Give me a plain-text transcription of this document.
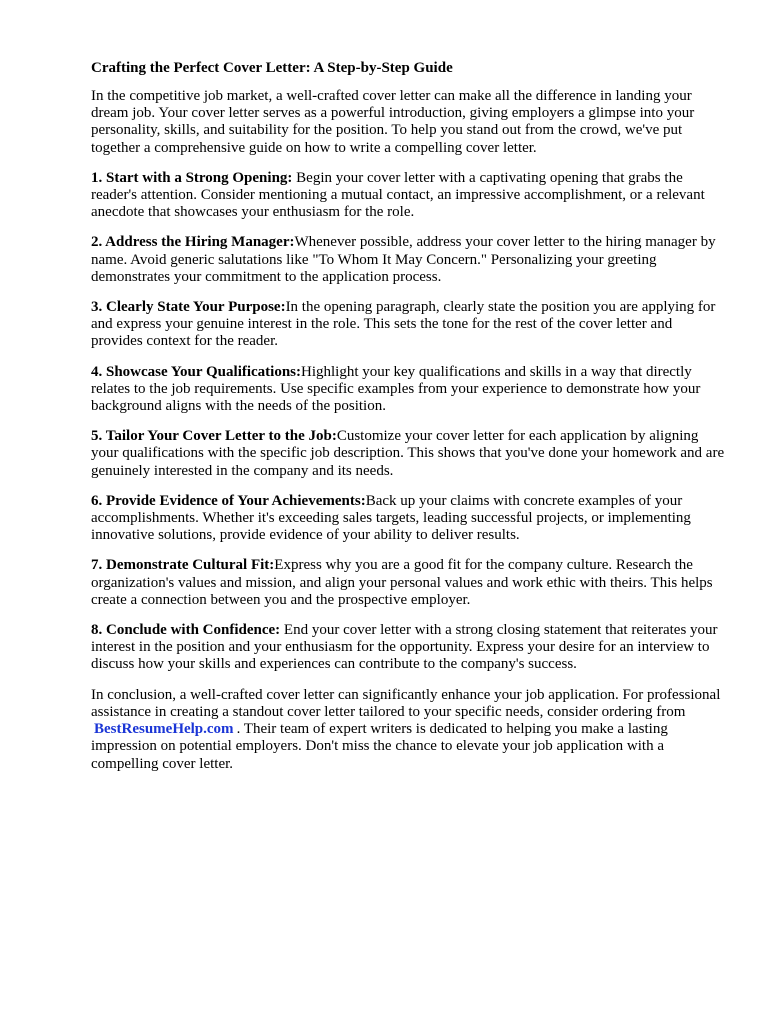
Crafting the Perfect Cover Letter: A Step-by-Step Guide

In the competitive job market, a well-crafted cover letter can make all the difference in landing your dream job. Your cover letter serves as a powerful introduction, giving employers a glimpse into your personality, skills, and suitability for the position. To help you stand out from the crowd, we've put together a comprehensive guide on how to write a compelling cover letter.

1. Start with a Strong Opening: Begin your cover letter with a captivating opening that grabs the reader's attention. Consider mentioning a mutual contact, an impressive accomplishment, or a relevant anecdote that showcases your enthusiasm for the role.

2. Address the Hiring Manager:Whenever possible, address your cover letter to the hiring manager by name. Avoid generic salutations like "To Whom It May Concern." Personalizing your greeting demonstrates your commitment to the application process.

3. Clearly State Your Purpose:In the opening paragraph, clearly state the position you are applying for and express your genuine interest in the role. This sets the tone for the rest of the cover letter and provides context for the reader.

4. Showcase Your Qualifications:Highlight your key qualifications and skills in a way that directly relates to the job requirements. Use specific examples from your experience to demonstrate how your background aligns with the needs of the position.

5. Tailor Your Cover Letter to the Job:Customize your cover letter for each application by aligning your qualifications with the specific job description. This shows that you've done your homework and are genuinely interested in the company and its needs.

6. Provide Evidence of Your Achievements:Back up your claims with concrete examples of your accomplishments. Whether it's exceeding sales targets, leading successful projects, or implementing innovative solutions, provide evidence of your ability to deliver results.

7. Demonstrate Cultural Fit:Express why you are a good fit for the company culture. Research the organization's values and mission, and align your personal values and work ethic with theirs. This helps create a connection between you and the prospective employer.

8. Conclude with Confidence: End your cover letter with a strong closing statement that reiterates your interest in the position and your enthusiasm for the opportunity. Express your desire for an interview to discuss how your skills and experiences can contribute to the company's success.

In conclusion, a well-crafted cover letter can significantly enhance your job application. For professional assistance in creating a standout cover letter tailored to your specific needs, consider ordering from BestResumeHelp.com . Their team of expert writers is dedicated to helping you make a lasting impression on potential employers. Don't miss the chance to elevate your job application with a compelling cover letter.
